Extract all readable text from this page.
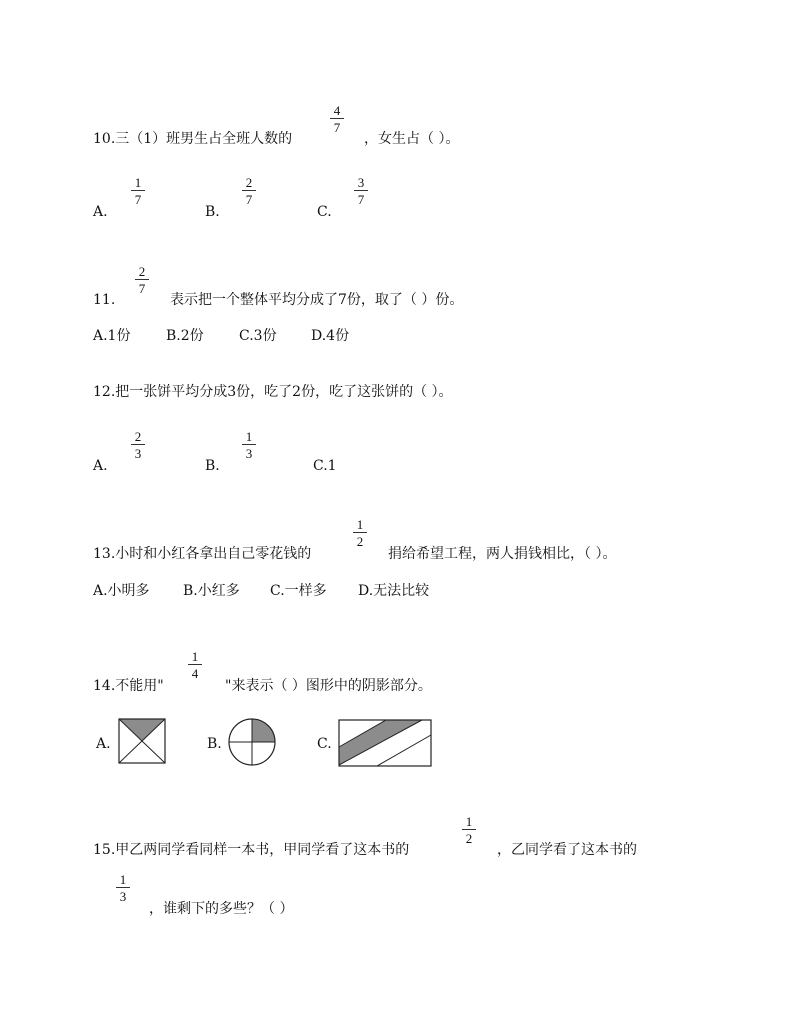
10.三（1）班男生占全班人数的
4
7
，女生占（ ）。
A.
1
7
B.
2
7
C.
3
7
11.
2
7
表示把一个整体平均分成了7份，取了（ ）份。
A.1份	B.2份	C.3份 D.4份
12.把一张饼平均分成3份，吃了2份，吃了这张饼的（ ）。
A.
2
3
B.
1
3
C.1
13.小时和小红各拿出自己零花钱的
1
2
捐给希望工程，两人捐钱相比，（ ）。
A.小明多 B.小红多 C.一样多 D.无法比较
14.不能用"
1
4
"来表示（ ）图形中的阴影部分。
A.	B.	C.
15.甲乙两同学看同样一本书，甲同学看了这本书的
1
2
，乙同学看了这本书的
1
3
，谁剩下的多些？（ ）
